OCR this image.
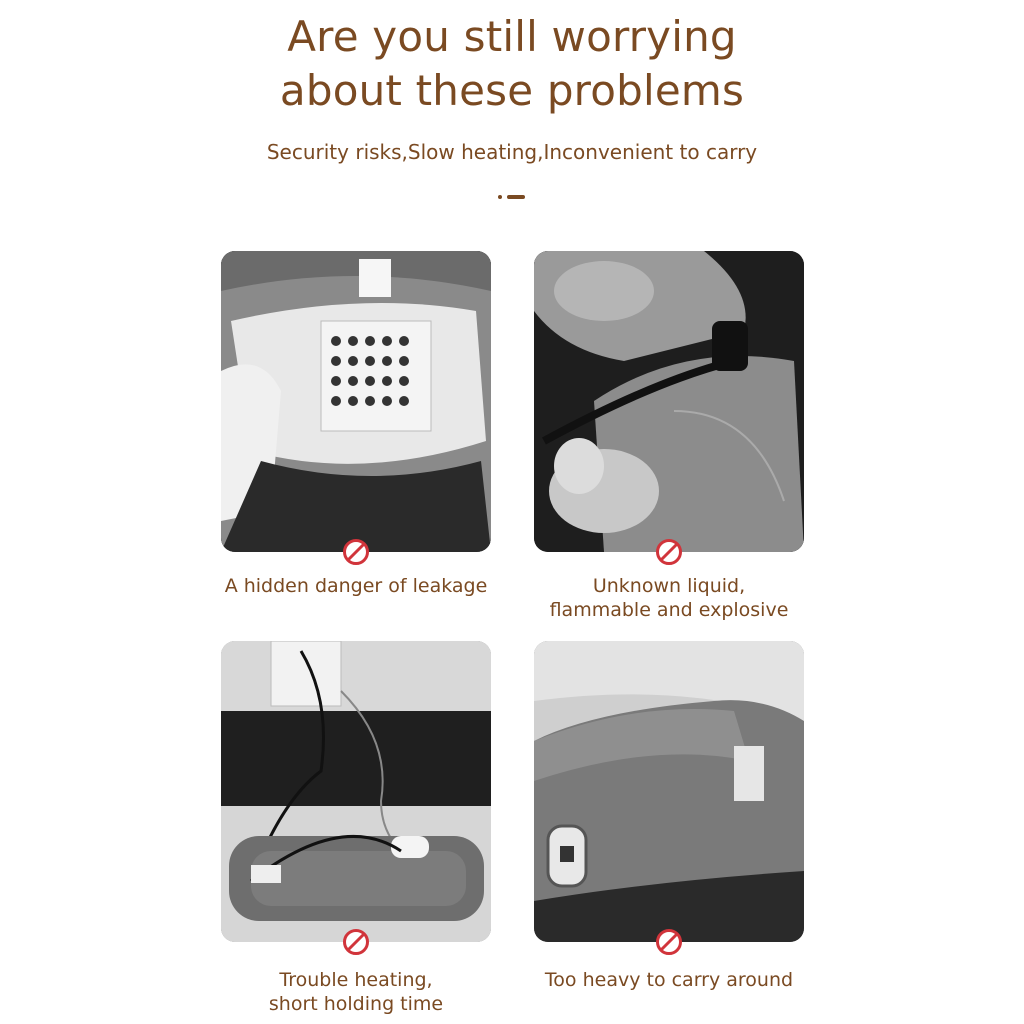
Are you still worrying
about these problems
Security risks,Slow heating,Inconvenient to carry
A hidden danger of leakage	Unknown liquid,
flammable and explosive
Trouble heating,
short holding time
Too heavy to carry around
